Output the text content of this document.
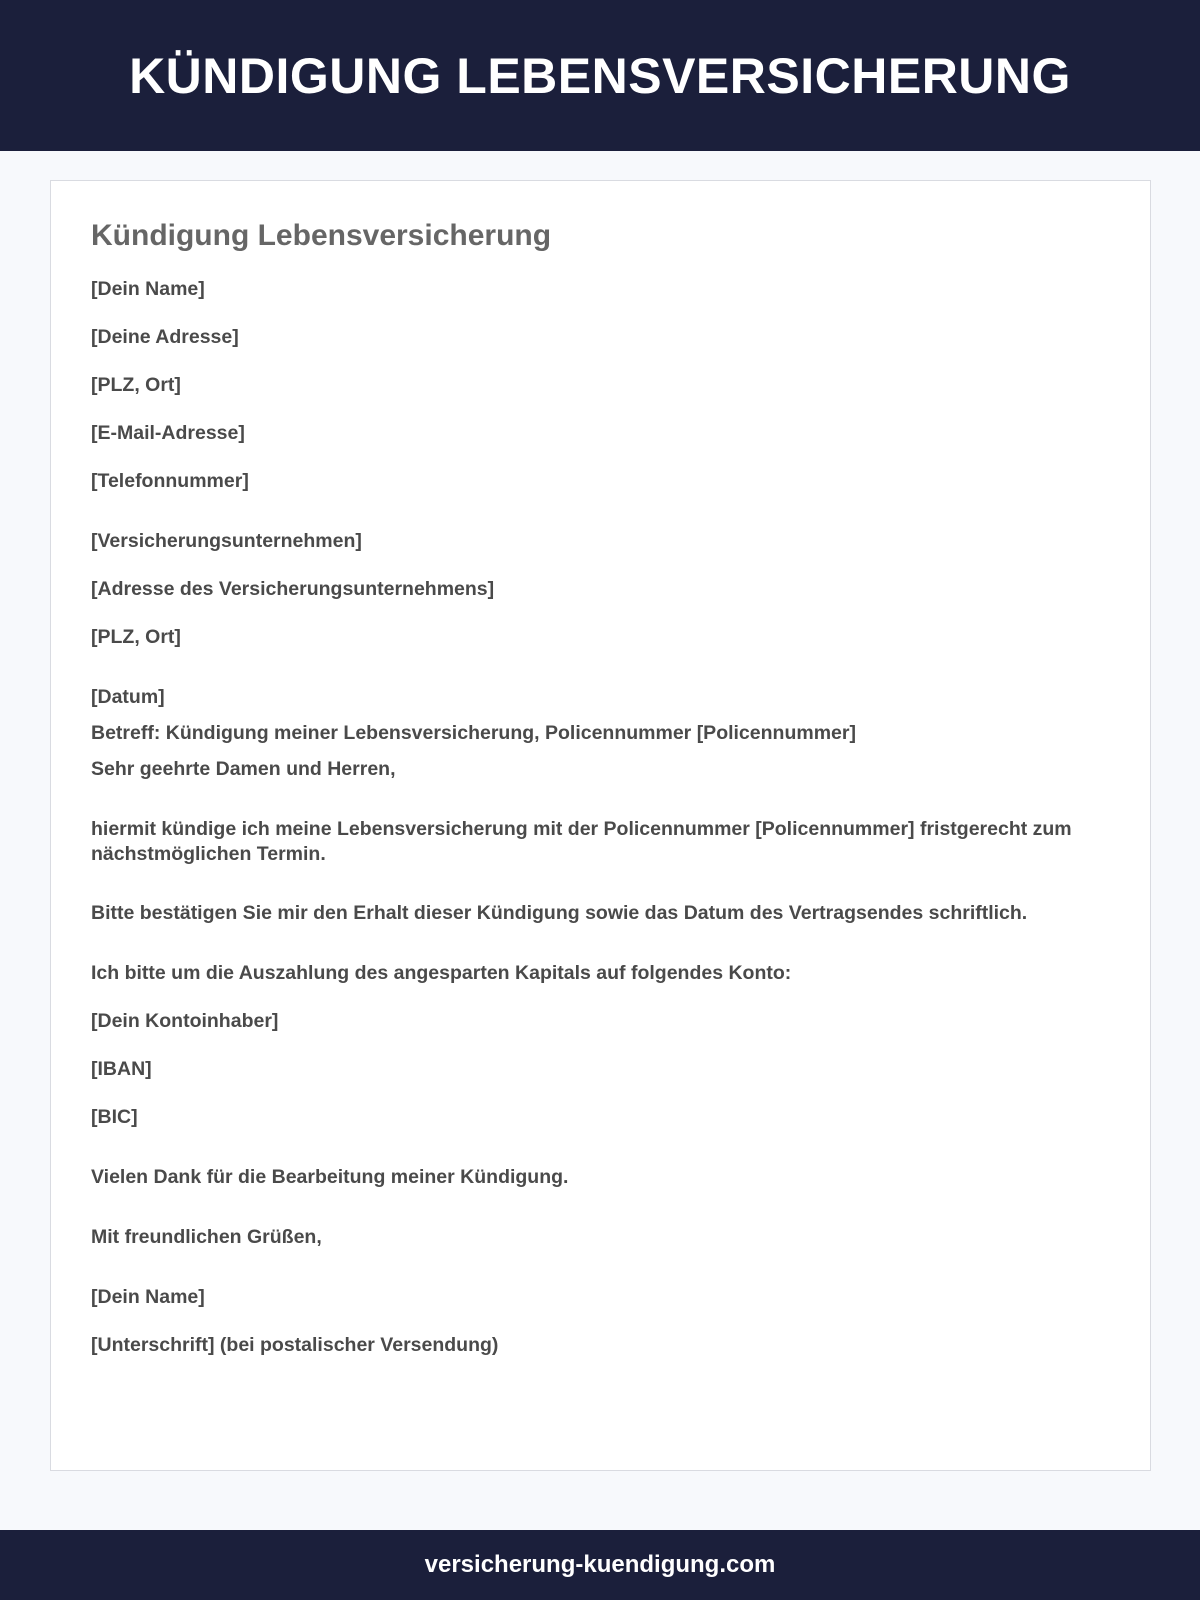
KÜNDIGUNG LEBENSVERSICHERUNG
Kündigung Lebensversicherung
[Dein Name]
[Deine Adresse]
[PLZ, Ort]
[E-Mail-Adresse]
[Telefonnummer]
[Versicherungsunternehmen]
[Adresse des Versicherungsunternehmens]
[PLZ, Ort]
[Datum]
Betreff: Kündigung meiner Lebensversicherung, Policennummer [Policennummer]
Sehr geehrte Damen und Herren,
hiermit kündige ich meine Lebensversicherung mit der Policennummer [Policennummer] fristgerecht zum nächstmöglichen Termin.
Bitte bestätigen Sie mir den Erhalt dieser Kündigung sowie das Datum des Vertragsendes schriftlich.
Ich bitte um die Auszahlung des angesparten Kapitals auf folgendes Konto:
[Dein Kontoinhaber]
[IBAN]
[BIC]
Vielen Dank für die Bearbeitung meiner Kündigung.
Mit freundlichen Grüßen,
[Dein Name]
[Unterschrift] (bei postalischer Versendung)
versicherung-kuendigung.com
